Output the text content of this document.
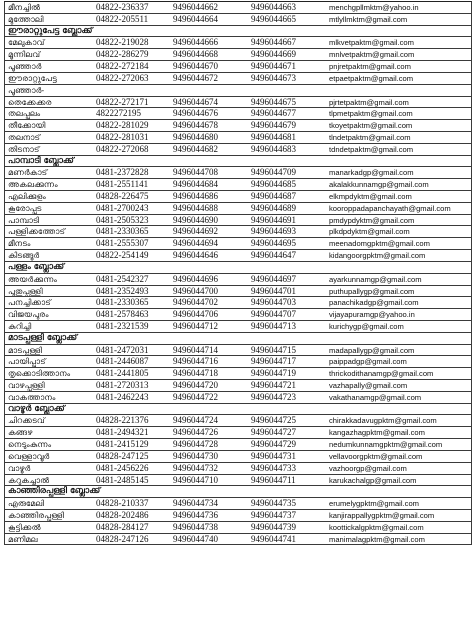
മീനച്ചിൽ	04822-236337	9496044662	9496044663	menchgpllmktm@yahoo.in
മുത്തോലി	04822-205511	9496044664	9496044665	mtlyllmktm@gmail.com
ഈരാറ്റുപേട്ട ബ്ലോക്ക്
മേലുകാവ്	04822-219028	9496044666	9496044667	mlkvetpaktm@gmail.com
മൂന്നിലവ്	04822-286279	9496044668	9496044669	mnlvetpaktm@gmail.com
പൂഞ്ഞാർ	04822-272184	9496044670	9496044671	pnjretpaktm@gmail.com
ഈരാറ്റുപേട്ട	04822-272063	9496044672	9496044673	etpaetpaktm@gmail.com
പൂഞ്ഞാർ-
തെക്കേക്കര	04822-272171	9496044674	9496044675	pjrtetpaktm@gmail.com
തലപ്പലം	4822272195	9496044676	9496044677	tlpmetpaktm@gmail.com
തീക്കോയി	04822-281029	9496044678	9496044679	tkoyetpaktm@gmail.com
തലനാട്	04822-281031	9496044680	9496044681	tlndetpaktm@gmail.com
തിടനാട്	04822-272068	9496044682	9496044683	tdndetpaktm@gmail.com
പാമ്പാടി ബ്ലോക്ക്
മണർകാട്	0481-2372828	9496044708	9496044709	manarkadgp@gmail.com
അകലക്കുന്നം	0481-2551141	9496044684	9496044685	akalakkunnamgp@gmail.com
എലിക്കുളം	04828-226475	9496044686	9496044687	elkmpdyktm@gmail.com
കൂരോപ്പട	0481-2700243	9496044688	9496044689	kooroppadapanchayath@gmail.com
പാമ്പാടി	0481-2505323	9496044690	9496044691	pmdypdyktm@gmail.com
പള്ളിക്കത്തോട്	0481-2330365	9496044692	9496044693	plkdpdyktm@gmail.com
മീനടം	0481-2555307	9496044694	9496044695	meenadomgpktm@gmail.com
കിടങ്ങൂർ	04822-254149	9496044646	9496044647	kidangoorgpktm@gmail.com
പള്ളം ബ്ലോക്ക്
അയർക്കുന്നം	0481-2542327	9496044696	9496044697	ayarkunnamgp@gmail.com
പുതുപ്പള്ളി	0481-2352493	9496044700	9496044701	puthupallygp@gmail.com
പനച്ചിക്കാട്	0481-2330365	9496044702	9496044703	panachikadgp@gmail.com
വിജയപുരം	0481-2578463	9496044706	9496044707	vijayapuramgp@yahoo.in
കുറിച്ചി	0481-2321539	9496044712	9496044713	kurichygp@gmail.com
മാടപ്പള്ളി ബ്ലോക്ക്
മാടപ്പള്ളി	0481-2472031	9496044714	9496044715	madapallygp@gmail.com
പായിപ്പാട്	0481-2446087	9496044716	9496044717	paippadgp@gmail.com
തൃക്കൊടിത്താനം	0481-2441805	9496044718	9496044719	thrickodithanamgp@gmail.com
വാഴപ്പള്ളി	0481-2720313	9496044720	9496044721	vazhapally@gmail.com
വാകത്താനം	0481-2462243	9496044722	9496044723	vakathanamgp@gmail.com
വാഴൂർ ബ്ലോക്ക്
ചിറക്കടവ്	04828-221376	9496044724	9496044725	chirakkadavugpktm@gmail.com
കങ്ങഴ	0481-2494321	9496044726	9496044727	kangazhagpktm@gmail.com
നെടുംകുന്നം	0481-2415129	9496044728	9496044729	nedumkunnamgpktm@gmail.com
വെള്ളാവൂർ	04828-247125	9496044730	9496044731	vellavoorgpktm@gmail.com
വാഴൂർ	0481-2456226	9496044732	9496044733	vazhoorgp@gmail.com
കറുകച്ചാൽ	0481-2485145	9496044710	9496044711	karukachalgp@gmail.com
കാഞ്ഞിരപ്പള്ളി ബ്ലോക്ക്
എരുമേലി	04828-210337	9496044734	9496044735	erumelygpktm@gmail.com
കാഞ്ഞിരപ്പള്ളി	04828-202486	9496044736	9496044737	kanjirappallygpktm@gmail.com
കൂട്ടിക്കൽ	04828-284127	9496044738	9496044739	koottickalgpktm@gmail.com
മണിമല	04828-247126	9496044740	9496044741	manimalagpktm@gmail.com
